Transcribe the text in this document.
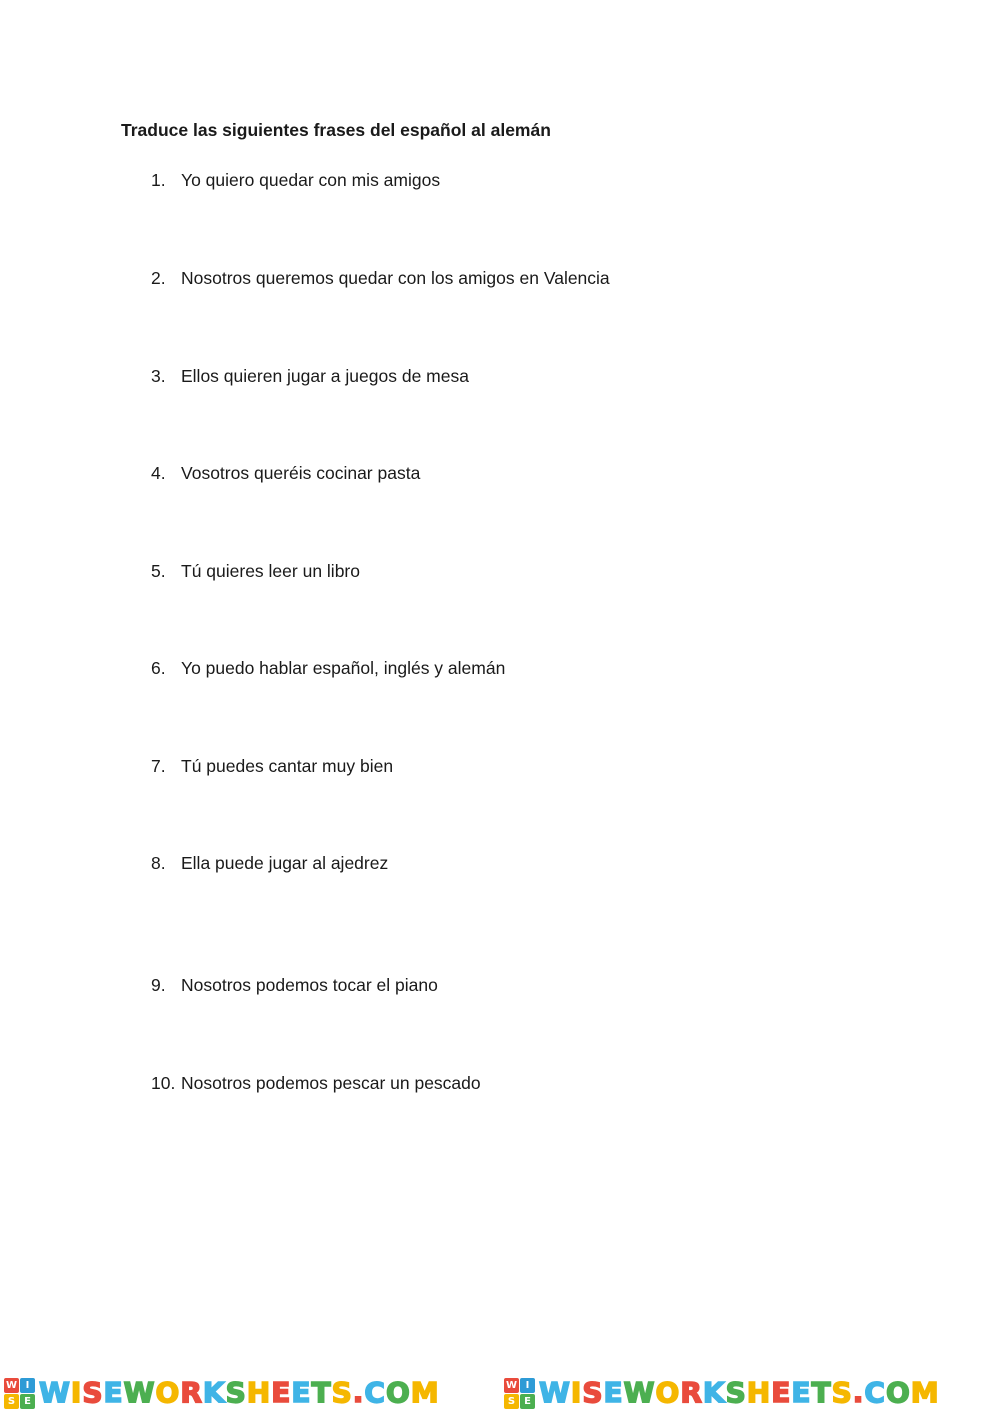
Traduce las siguientes frases del español al alemán
1. Yo quiero quedar con mis amigos
2. Nosotros queremos quedar con los amigos en Valencia
3. Ellos quieren jugar a juegos de mesa
4. Vosotros queréis cocinar pasta
5. Tú quieres leer un libro
6. Yo puedo hablar español, inglés y alemán
7. Tú puedes cantar muy bien
8. Ella puede jugar al ajedrez
9. Nosotros podemos tocar el piano
10. Nosotros podemos pescar un pescado
W I
S E W I S E W O R K S H E E T S . C O M	W I
S E W I S E W O R K S H E E T S . C O M
